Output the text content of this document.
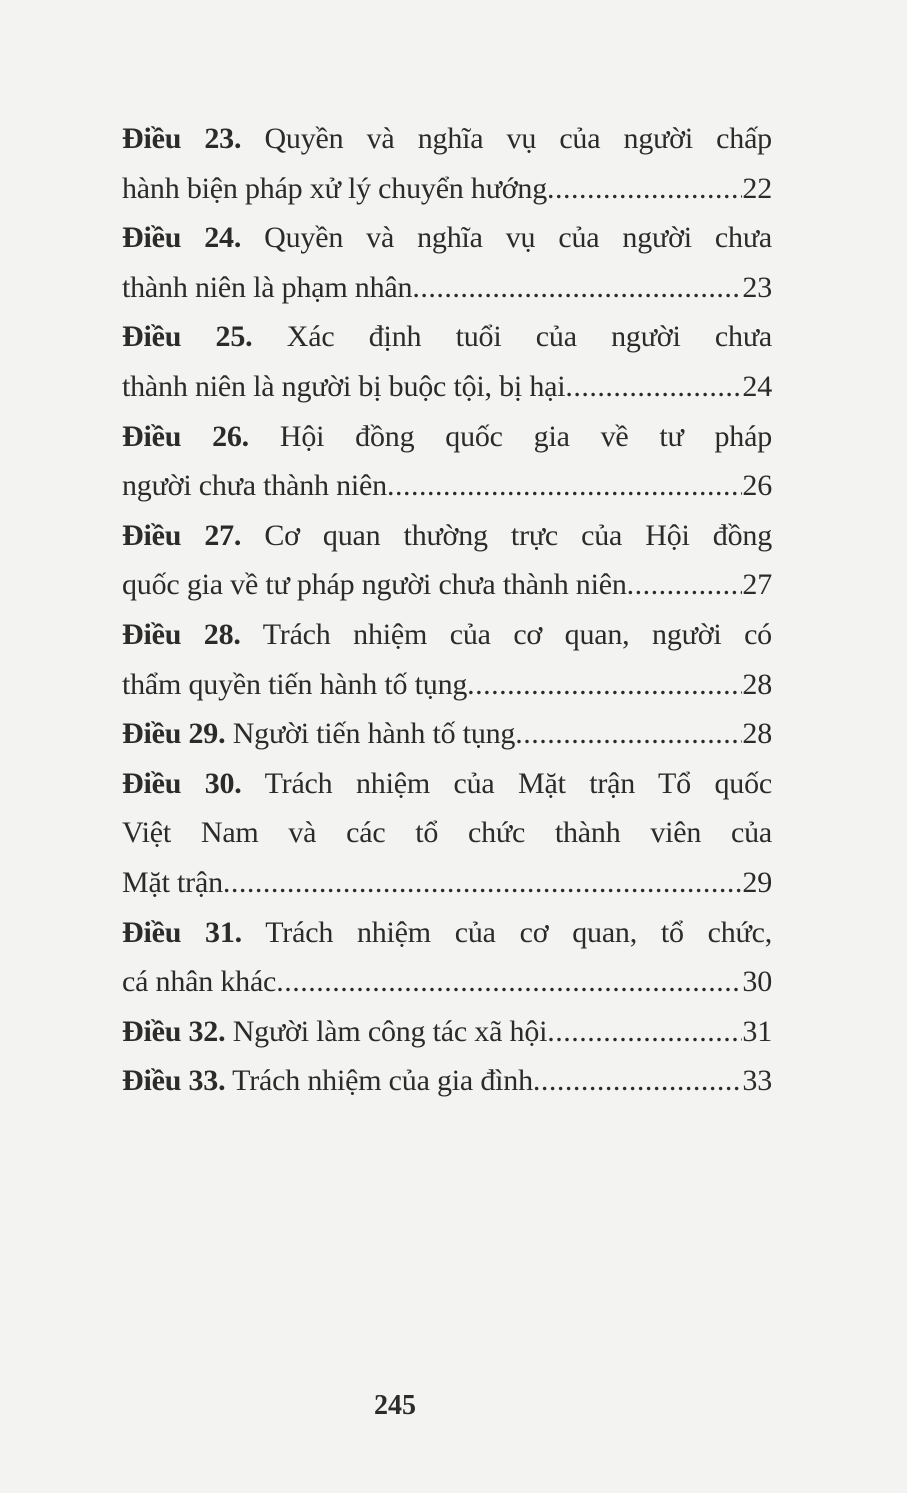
Điều 23. Quyền và nghĩa vụ của người chấp
hành biện pháp xử lý chuyển hướng .....	22
Điều 24. Quyền và nghĩa vụ của người chưa
thành niên là phạm nhân .....	23
Điều 25. Xác định tuổi của người chưa
thành niên là người bị buộc tội, bị hại .....	24
Điều 26. Hội đồng quốc gia về tư pháp
người chưa thành niên .....	26
Điều 27. Cơ quan thường trực của Hội đồng
quốc gia về tư pháp người chưa thành niên .....	27
Điều 28. Trách nhiệm của cơ quan, người có
thẩm quyền tiến hành tố tụng .....	28
Điều 29. Người tiến hành tố tụng .....	28
Điều 30. Trách nhiệm của Mặt trận Tổ quốc
Việt Nam và các tổ chức thành viên của
Mặt trận .....	29
Điều 31. Trách nhiệm của cơ quan, tổ chức,
cá nhân khác .....	30
Điều 32. Người làm công tác xã hội .....	31
Điều 33. Trách nhiệm của gia đình .....	33
245
